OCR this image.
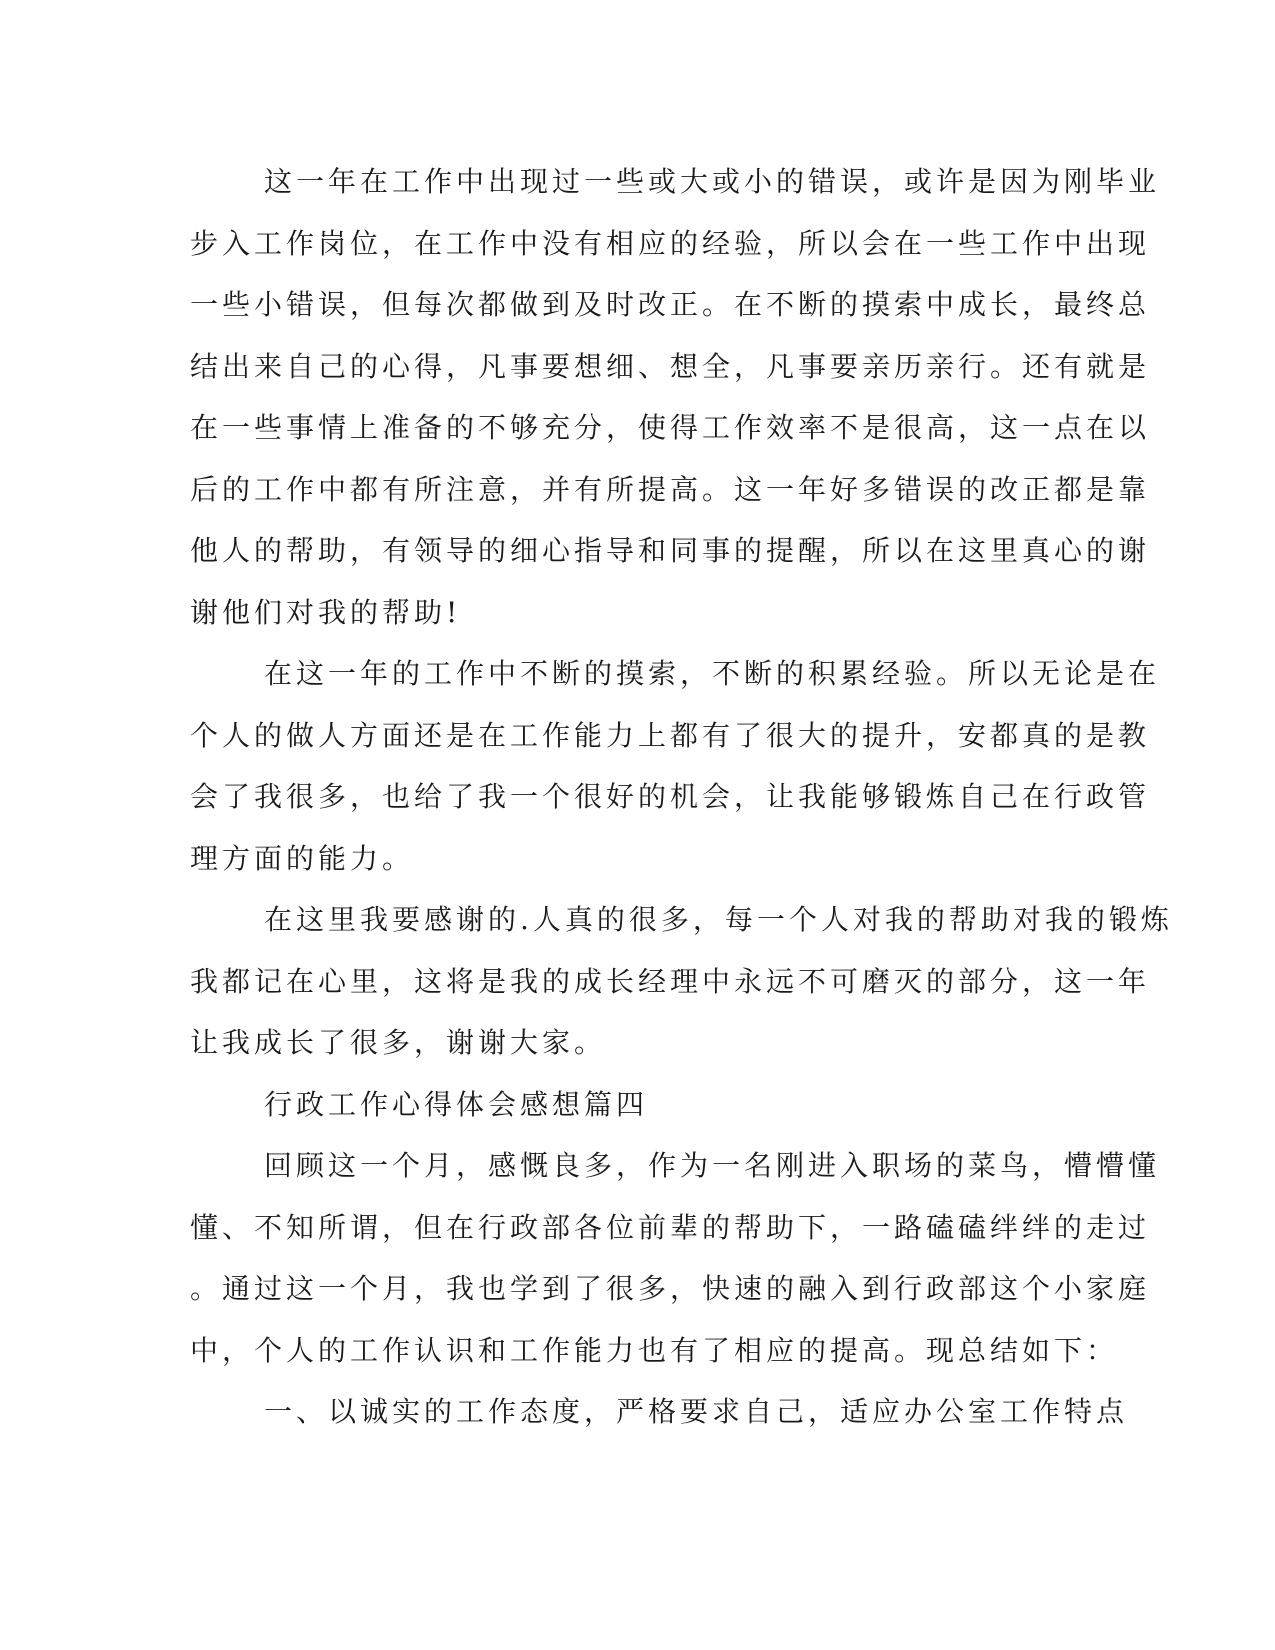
这一年在工作中出现过一些或大或小的错误，或许是因为刚毕业
步入工作岗位，在工作中没有相应的经验，所以会在一些工作中出现
一些小错误，但每次都做到及时改正。在不断的摸索中成长，最终总
结出来自己的心得，凡事要想细、想全，凡事要亲历亲行。还有就是
在一些事情上准备的不够充分，使得工作效率不是很高，这一点在以
后的工作中都有所注意，并有所提高。这一年好多错误的改正都是靠
他人的帮助，有领导的细心指导和同事的提醒，所以在这里真心的谢
谢他们对我的帮助!
在这一年的工作中不断的摸索，不断的积累经验。所以无论是在
个人的做人方面还是在工作能力上都有了很大的提升，安都真的是教
会了我很多，也给了我一个很好的机会，让我能够锻炼自己在行政管
理方面的能力。
在这里我要感谢的.人真的很多，每一个人对我的帮助对我的锻炼
我都记在心里，这将是我的成长经理中永远不可磨灭的部分，这一年
让我成长了很多，谢谢大家。
行政工作心得体会感想篇四
回顾这一个月，感慨良多，作为一名刚进入职场的菜鸟，懵懵懂
懂、不知所谓，但在行政部各位前辈的帮助下，一路磕磕绊绊的走过
。通过这一个月，我也学到了很多，快速的融入到行政部这个小家庭
中，个人的工作认识和工作能力也有了相应的提高。现总结如下：
一、以诚实的工作态度，严格要求自己，适应办公室工作特点
